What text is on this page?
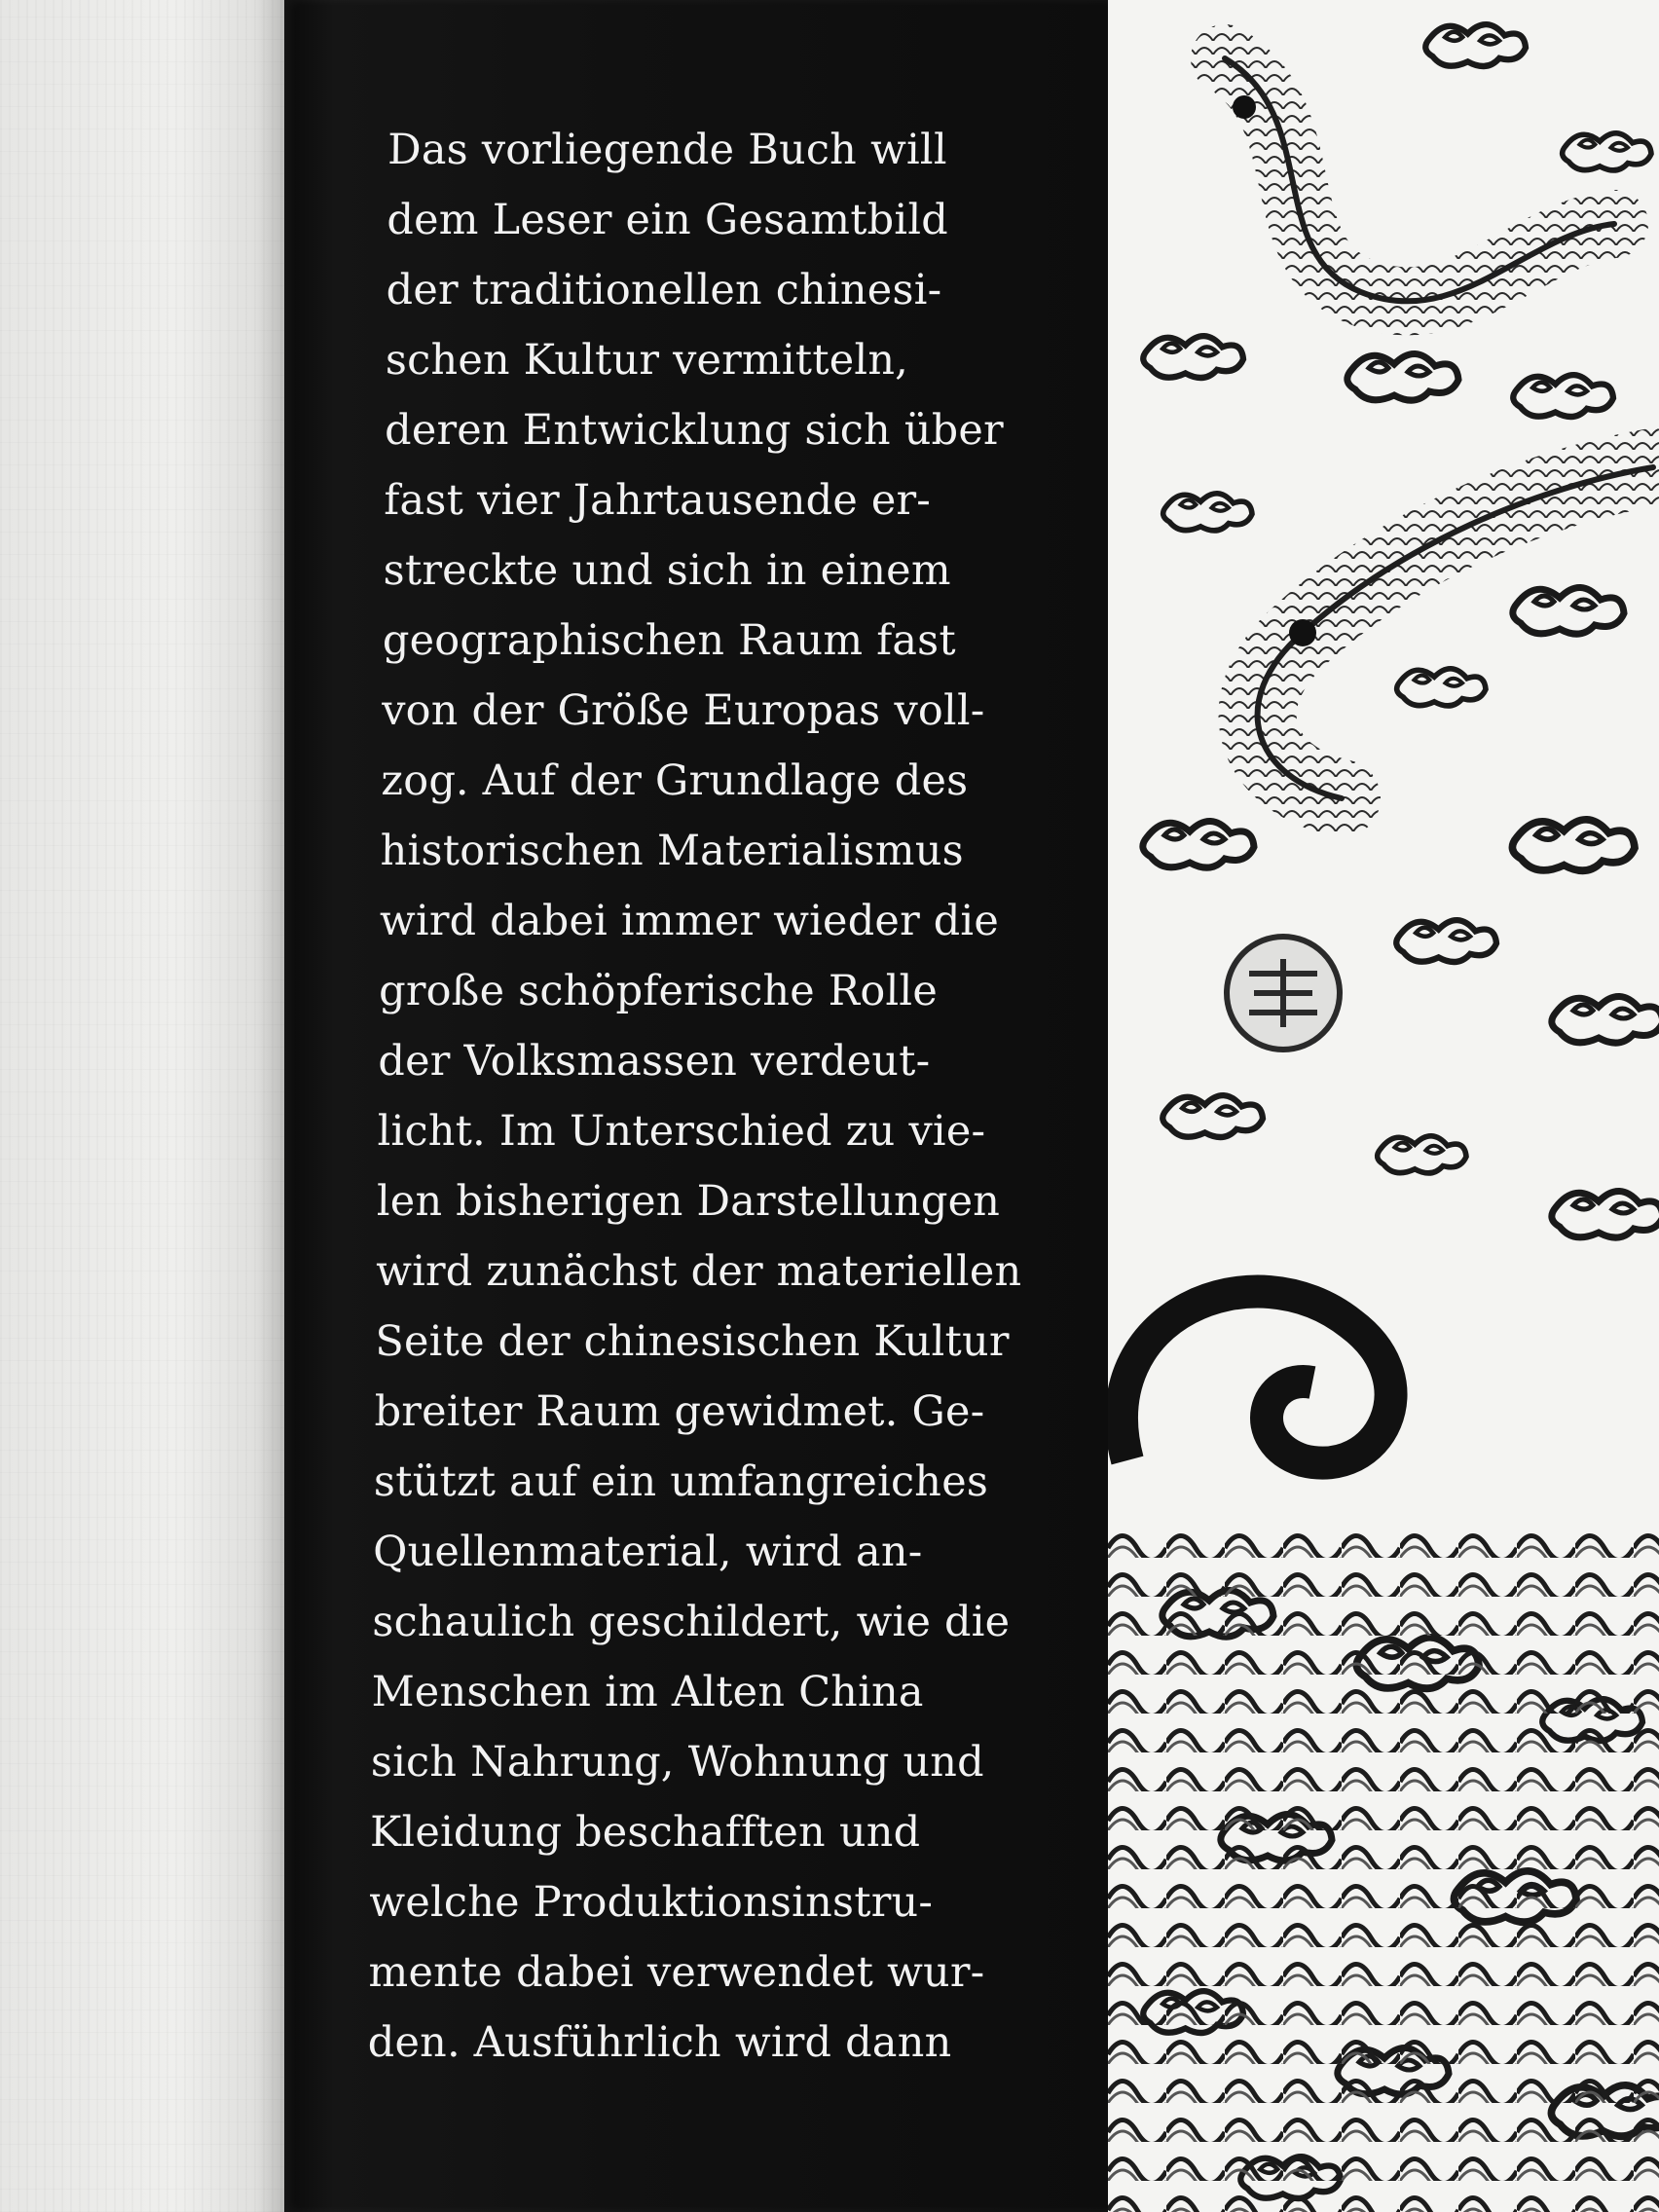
Das vorliegende Buch will
dem Leser ein Gesamtbild
der traditionellen chinesi-
schen Kultur vermitteln,
deren Entwicklung sich über
fast vier Jahrtausende er-
streckte und sich in einem
geographischen Raum fast
von der Größe Europas voll-
zog. Auf der Grundlage des
historischen Materialismus
wird dabei immer wieder die
große schöpferische Rolle
der Volksmassen verdeut-
licht. Im Unterschied zu vie-
len bisherigen Darstellungen
wird zunächst der materiellen
Seite der chinesischen Kultur
breiter Raum gewidmet. Ge-
stützt auf ein umfangreiches
Quellenmaterial, wird an-
schaulich geschildert, wie die
Menschen im Alten China
sich Nahrung, Wohnung und
Kleidung beschafften und
welche Produktionsinstru-
mente dabei verwendet wur-
den. Ausführlich wird dann
